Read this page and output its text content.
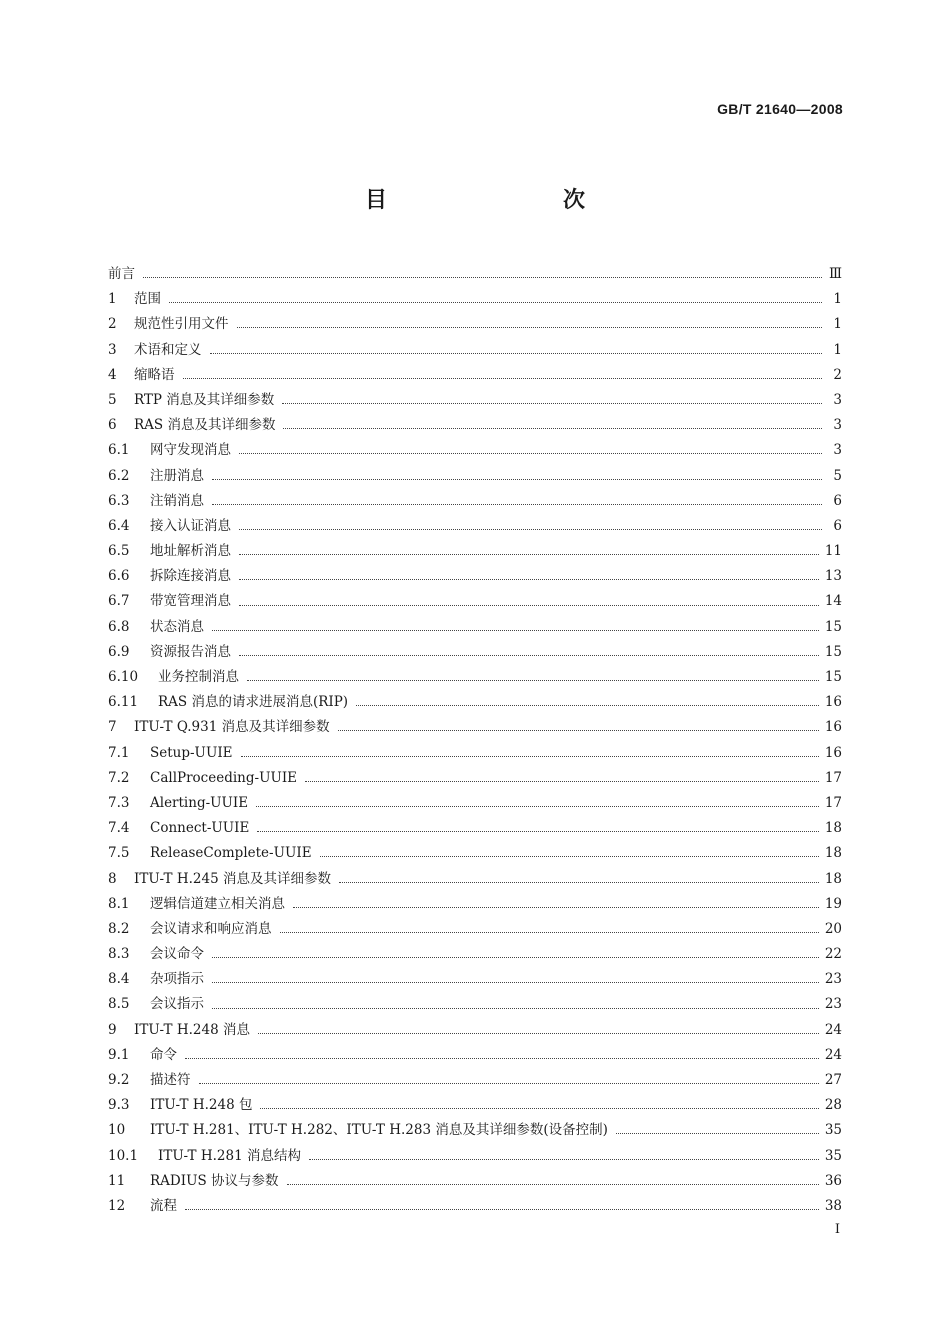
GB/T 21640—2008
目　　次
前言	Ⅲ
1	范围	1
2	规范性引用文件	1
3	术语和定义	1
4	缩略语	2
5	RTP 消息及其详细参数	3
6	RAS 消息及其详细参数	3
6.1	网守发现消息	3
6.2	注册消息	5
6.3	注销消息	6
6.4	接入认证消息	6
6.5	地址解析消息	11
6.6	拆除连接消息	13
6.7	带宽管理消息	14
6.8	状态消息	15
6.9	资源报告消息	15
6.10	业务控制消息	15
6.11	RAS 消息的请求进展消息(RIP)	16
7	ITU-T Q.931 消息及其详细参数	16
7.1	Setup-UUIE	16
7.2	CallProceeding-UUIE	17
7.3	Alerting-UUIE	17
7.4	Connect-UUIE	18
7.5	ReleaseComplete-UUIE	18
8	ITU-T H.245 消息及其详细参数	18
8.1	逻辑信道建立相关消息	19
8.2	会议请求和响应消息	20
8.3	会议命令	22
8.4	杂项指示	23
8.5	会议指示	23
9	ITU-T H.248 消息	24
9.1	命令	24
9.2	描述符	27
9.3	ITU-T H.248 包	28
10	ITU-T H.281、ITU-T H.282、ITU-T H.283 消息及其详细参数(设备控制)	35
10.1	ITU-T H.281 消息结构	35
11	RADIUS 协议与参数	36
12	流程	38
I
